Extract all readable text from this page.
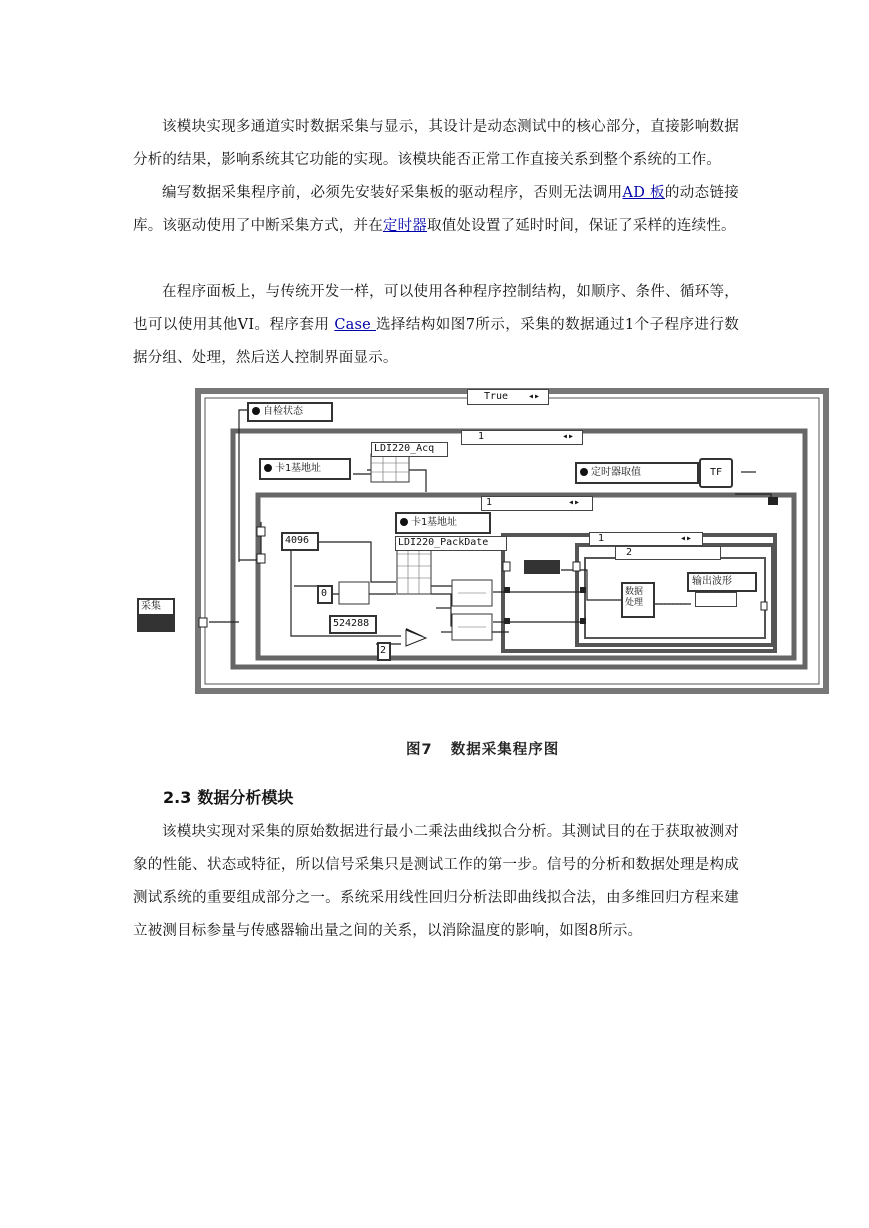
该模块实现多通道实时数据采集与显示，其设计是动态测试中的核心部分，直接影响数据分析的结果，影响系统其它功能的实现。该模块能否正常工作直接关系到整个系统的工作。

编写数据采集程序前，必须先安装好采集板的驱动程序，否则无法调用AD 板的动态链接库。该驱动使用了中断采集方式，并在定时器取值处设置了延时时间，保证了采样的连续性。

在程序面板上，与传统开发一样，可以使用各种程序控制结构，如顺序、条件、循环等，也可以使用其他VI。程序套用 Case 选择结构如图7所示，采集的数据通过1个子程序进行数据分组、处理，然后送人控制界面显示。

True ◂▸
自检状态
1	◂▸
LDI220_Acq
卡1基地址	定时器取值	TF
1	◂▸
卡1基地址
LDI220_PackDate
4096
0
524288
2
1	◂▸
2
数据
处理
输出波形
采集
图7   数据采集程序图
2.3 数据分析模块

该模块实现对采集的原始数据进行最小二乘法曲线拟合分析。其测试目的在于获取被测对象的性能、状态或特征，所以信号采集只是测试工作的第一步。信号的分析和数据处理是构成测试系统的重要组成部分之一。系统采用线性回归分析法即曲线拟合法，由多维回归方程来建立被测目标参量与传感器输出量之间的关系，以消除温度的影响，如图8所示。
